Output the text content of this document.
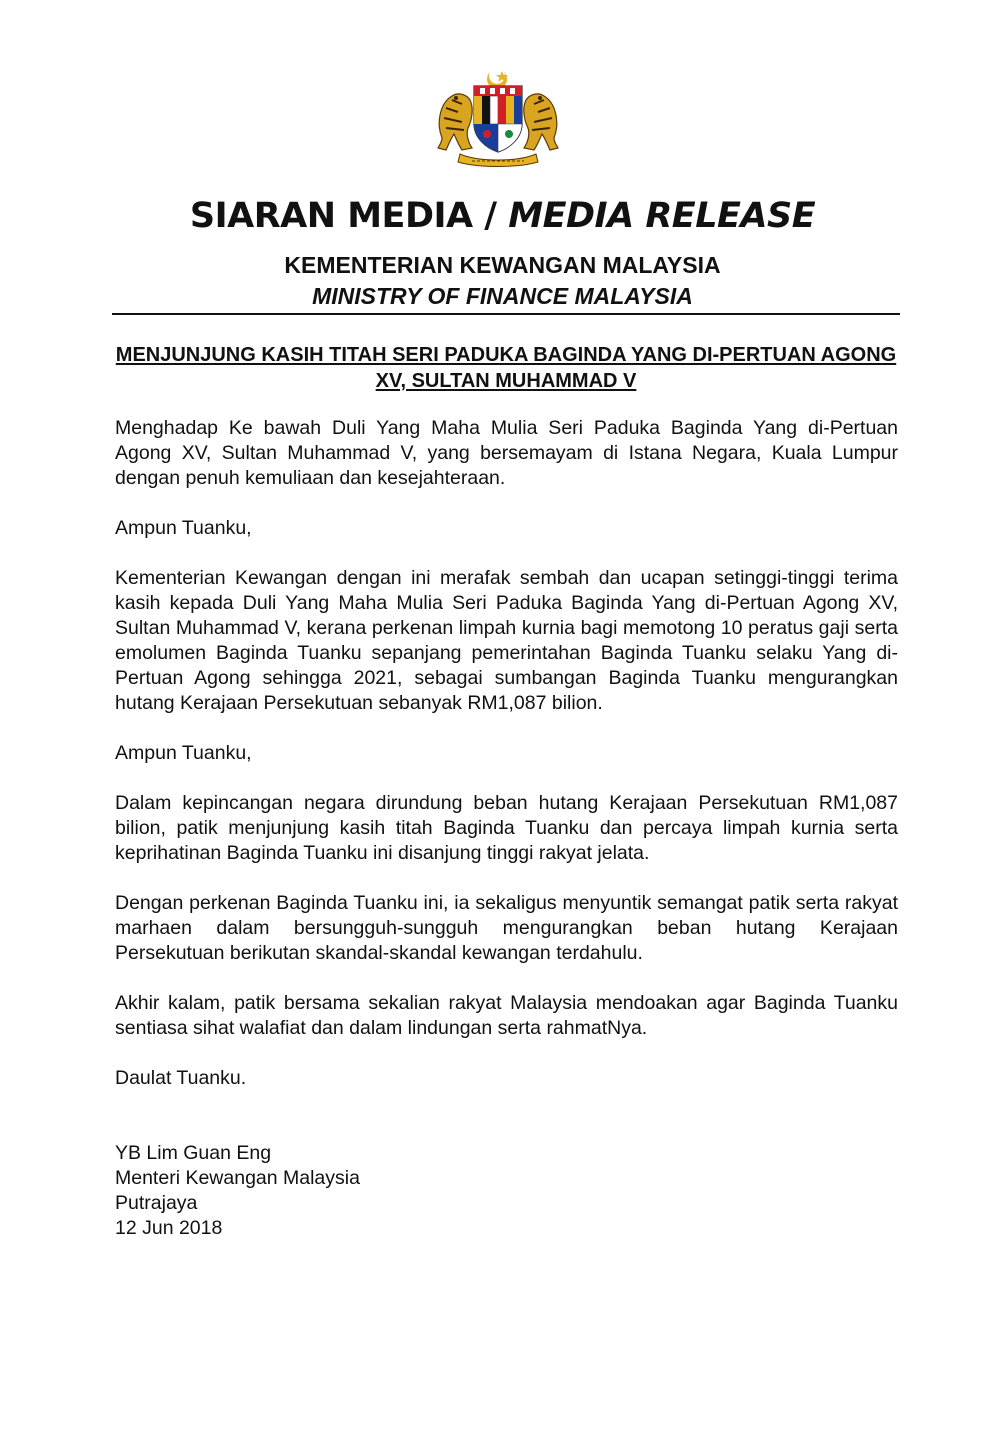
SIARAN MEDIA / MEDIA RELEASE
KEMENTERIAN KEWANGAN MALAYSIA
MINISTRY OF FINANCE MALAYSIA
MENJUNJUNG KASIH TITAH SERI PADUKA BAGINDA YANG DI-PERTUAN AGONG XV, SULTAN MUHAMMAD V

Menghadap Ke bawah Duli Yang Maha Mulia Seri Paduka Baginda Yang di-Pertuan Agong XV, Sultan Muhammad V, yang bersemayam di Istana Negara, Kuala Lumpur dengan penuh kemuliaan dan kesejahteraan.

Ampun Tuanku,

Kementerian Kewangan dengan ini merafak sembah dan ucapan setinggi-tinggi terima kasih kepada Duli Yang Maha Mulia Seri Paduka Baginda Yang di-Pertuan Agong XV, Sultan Muhammad V, kerana perkenan limpah kurnia bagi memotong 10 peratus gaji serta emolumen Baginda Tuanku sepanjang pemerintahan Baginda Tuanku selaku Yang di-Pertuan Agong sehingga 2021, sebagai sumbangan Baginda Tuanku mengurangkan hutang Kerajaan Persekutuan sebanyak RM1,087 bilion.

Ampun Tuanku,

Dalam kepincangan negara dirundung beban hutang Kerajaan Persekutuan RM1,087 bilion, patik menjunjung kasih titah Baginda Tuanku dan percaya limpah kurnia serta keprihatinan Baginda Tuanku ini disanjung tinggi rakyat jelata.

Dengan perkenan Baginda Tuanku ini, ia sekaligus menyuntik semangat patik serta rakyat marhaen dalam bersungguh-sungguh mengurangkan beban hutang Kerajaan Persekutuan berikutan skandal-skandal kewangan terdahulu.

Akhir kalam, patik bersama sekalian rakyat Malaysia mendoakan agar Baginda Tuanku sentiasa sihat walafiat dan dalam lindungan serta rahmatNya.

Daulat Tuanku.

YB Lim Guan Eng
Menteri Kewangan Malaysia
Putrajaya
12 Jun 2018
